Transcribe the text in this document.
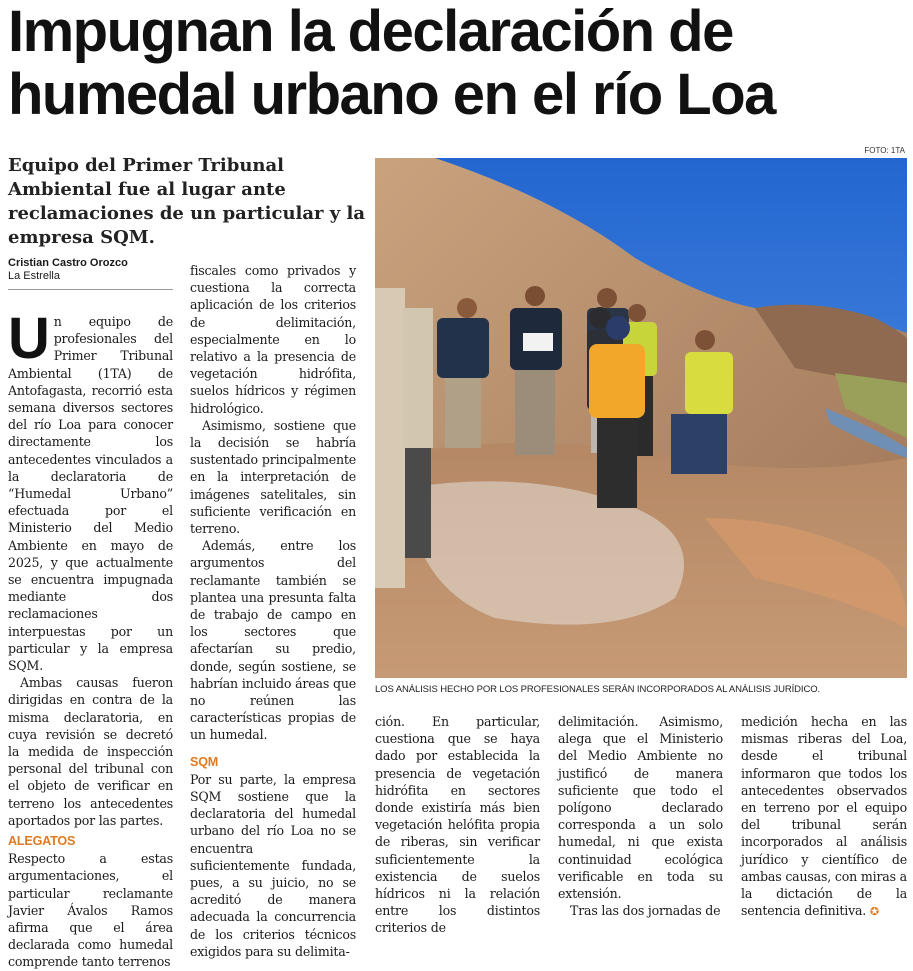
Impugnan la declaración de
humedal urbano en el río Loa
FOTO: 1TA
Equipo del Primer Tribunal Ambiental fue al lugar ante reclamaciones de un particular y la empresa SQM.
Cristian Castro Orozco
La Estrella

Un equipo de profesionales del Primer Tribunal Ambiental (1TA) de Antofagasta, recorrió esta semana diversos sectores del río Loa para conocer directamente los antecedentes vinculados a la declaratoria de “Humedal Urbano” efectuada por el Ministerio del Medio Ambiente en mayo de 2025, y que actualmente se encuentra impugnada mediante dos reclamaciones interpuestas por un particular y la empresa SQM.

Ambas causas fueron dirigidas en contra de la misma declaratoria, en cuya revisión se decretó la medida de inspección personal del tribunal con el objeto de verificar en terreno los antecedentes aportados por las partes.

ALEGATOS

Respecto a estas argumentaciones, el particular reclamante Javier Ávalos Ramos afirma que el área declarada como humedal comprende tanto terrenos

fiscales como privados y cuestiona la correcta aplicación de los criterios de delimitación, especialmente en lo relativo a la presencia de vegetación hidrófita, suelos hídricos y régimen hidrológico.

Asimismo, sostiene que la decisión se habría sustentado principalmente en la interpretación de imágenes satelitales, sin suficiente verificación en terreno.

Además, entre los argumentos del reclamante también se plantea una presunta falta de trabajo de campo en los sectores que afectarían su predio, donde, según sostiene, se habrían incluido áreas que no reúnen las características propias de un humedal.

SQM

Por su parte, la empresa SQM sostiene que la declaratoria del humedal urbano del río Loa no se encuentra suficientemente fundada, pues, a su juicio, no se acreditó de manera adecuada la concurrencia de los criterios técnicos exigidos para su delimita-

LOS ANÁLISIS HECHO POR LOS PROFESIONALES SERÁN INCORPORADOS AL ANÁLISIS JURÍDICO.

ción. En particular, cuestiona que se haya dado por establecida la presencia de vegetación hidrófita en sectores donde existiría más bien vegetación helófita propia de riberas, sin verificar suficientemente la existencia de suelos hídricos ni la relación entre los distintos criterios de

delimitación. Asimismo, alega que el Ministerio del Medio Ambiente no justificó de manera suficiente que todo el polígono declarado corresponda a un solo humedal, ni que exista continuidad ecológica verificable en toda su extensión.

Tras las dos jornadas de

medición hecha en las mismas riberas del Loa, desde el tribunal informaron que todos los antecedentes observados en terreno por el equipo del tribunal serán incorporados al análisis jurídico y científico de ambas causas, con miras a la dictación de la sentencia definitiva. ✪
